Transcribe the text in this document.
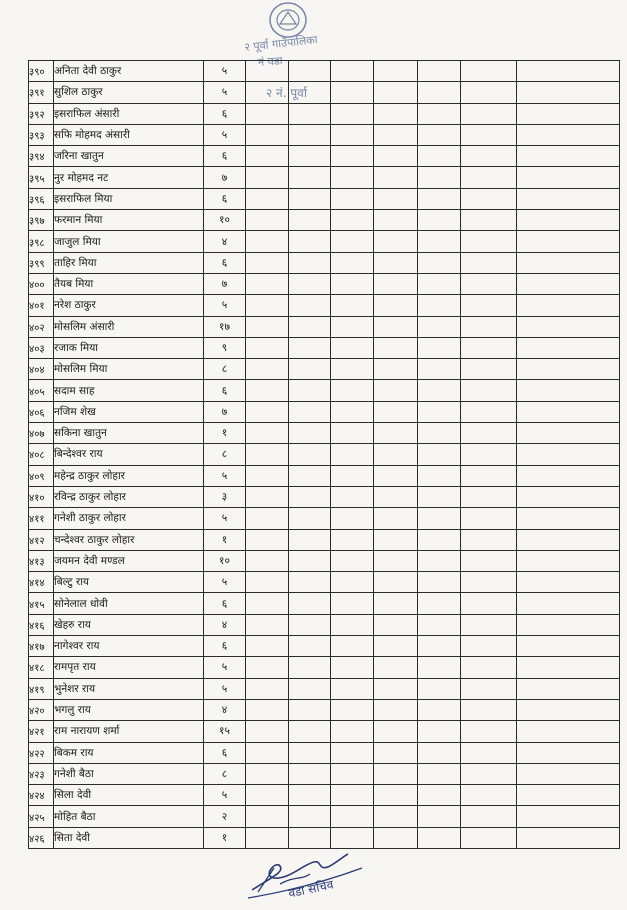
२ पूर्वा गाउँपालिका
नं वडा
२ नं. पूर्वा
३९०	अनिता देवी ठाकुर	५							
३९१	सुशिल ठाकुर	५							
३९२	इसराफिल अंसारी	६							
३९३	सफि मोहमद अंसारी	५							
३९४	जरिना खातुन	६							
३९५	नुर मोहमद नट	७							
३९६	इसराफिल मिया	६							
३९७	फरमान मिया	१०							
३९८	जाजुल मिया	४							
३९९	ताहिर मिया	६							
४००	तैयब मिया	७							
४०१	नरेश ठाकुर	५							
४०२	मोसलिम अंसारी	१७							
४०३	रजाक मिया	९							
४०४	मोसलिम मिया	८							
४०५	सदाम साह	६							
४०६	नजिम शेख	७							
४०७	सकिना खातुन	१							
४०८	बिन्देश्वर राय	८							
४०९	महेन्द्र ठाकुर लोहार	५							
४१०	रविन्द्र ठाकुर लोहार	३							
४११	गनेशी ठाकुर लोहार	५							
४१२	चन्देश्वर ठाकुर लोहार	१							
४१३	जयमन देवी मण्डल	१०							
४१४	बिल्टु राय	५							
४१५	सोनेलाल धोवी	६							
४१६	खेहरु राय	४							
४१७	नागेश्वर राय	६							
४१८	रामपृत राय	५							
४१९	भुनेशर राय	५							
४२०	भगलु राय	४							
४२१	राम नारायण शर्मा	१५							
४२२	बिकम राय	६							
४२३	गनेशी बैठा	८							
४२४	सिला देवी	५							
४२५	मोहित बैठा	२							
४२६	सिता देवी	१							
वडा सचिव
